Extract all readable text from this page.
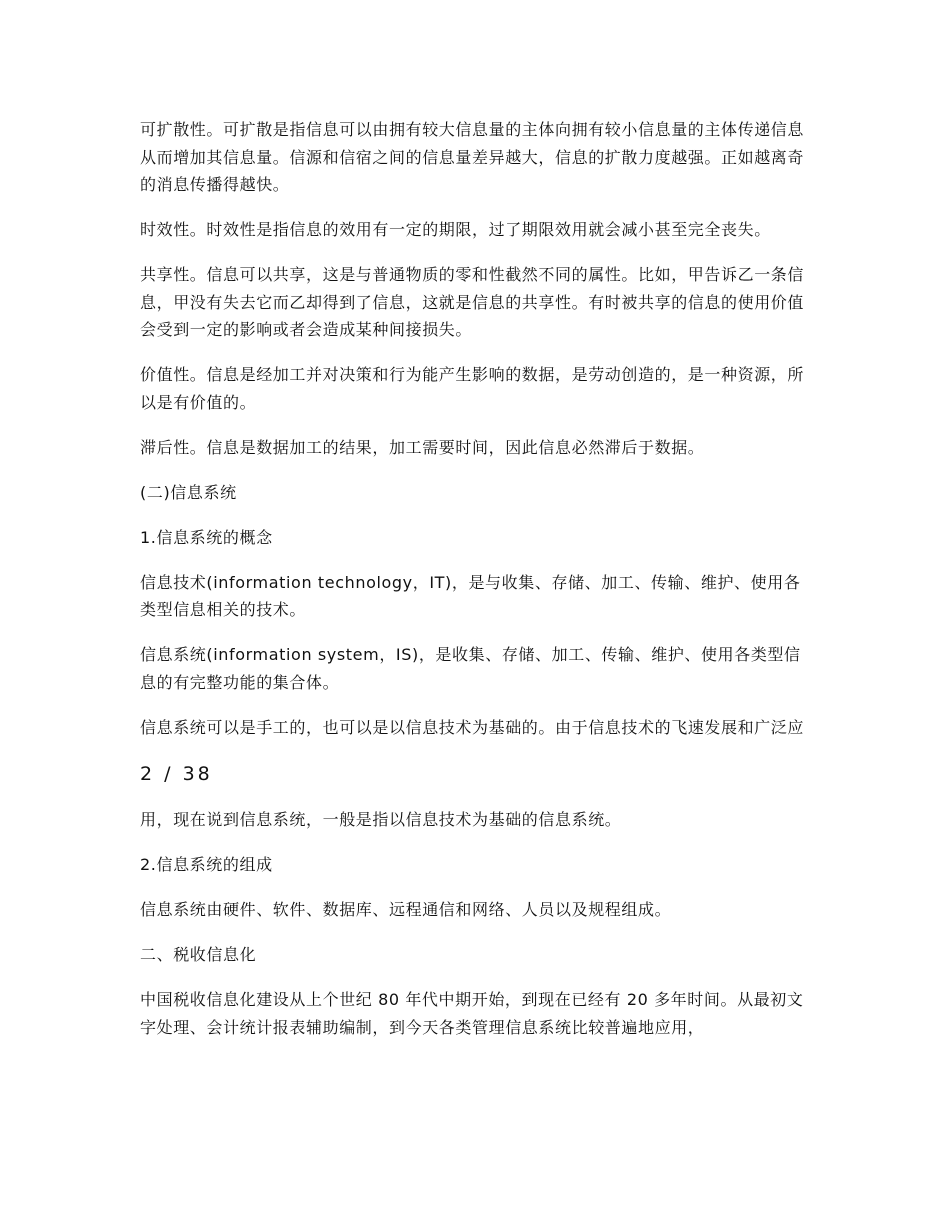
可扩散性。可扩散是指信息可以由拥有较大信息量的主体向拥有较小信息量的主体传递信息从而增加其信息量。信源和信宿之间的信息量差异越大，信息的扩散力度越强。正如越离奇的消息传播得越快。

时效性。时效性是指信息的效用有一定的期限，过了期限效用就会减小甚至完全丧失。

共享性。信息可以共享，这是与普通物质的零和性截然不同的属性。比如，甲告诉乙一条信息，甲没有失去它而乙却得到了信息，这就是信息的共享性。有时被共享的信息的使用价值会受到一定的影响或者会造成某种间接损失。

价值性。信息是经加工并对决策和行为能产生影响的数据，是劳动创造的，是一种资源，所以是有价值的。

滞后性。信息是数据加工的结果，加工需要时间，因此信息必然滞后于数据。

(二)信息系统

1.信息系统的概念

信息技术(information technology，IT)，是与收集、存储、加工、传输、维护、使用各类型信息相关的技术。

信息系统(information system，IS)，是收集、存储、加工、传输、维护、使用各类型信息的有完整功能的集合体。

信息系统可以是手工的，也可以是以信息技术为基础的。由于信息技术的飞速发展和广泛应

2 / 38

用，现在说到信息系统，一般是指以信息技术为基础的信息系统。

2.信息系统的组成

信息系统由硬件、软件、数据库、远程通信和网络、人员以及规程组成。

二、税收信息化

中国税收信息化建设从上个世纪 80 年代中期开始，到现在已经有 20 多年时间。从最初文字处理、会计统计报表辅助编制，到今天各类管理信息系统比较普遍地应用，
